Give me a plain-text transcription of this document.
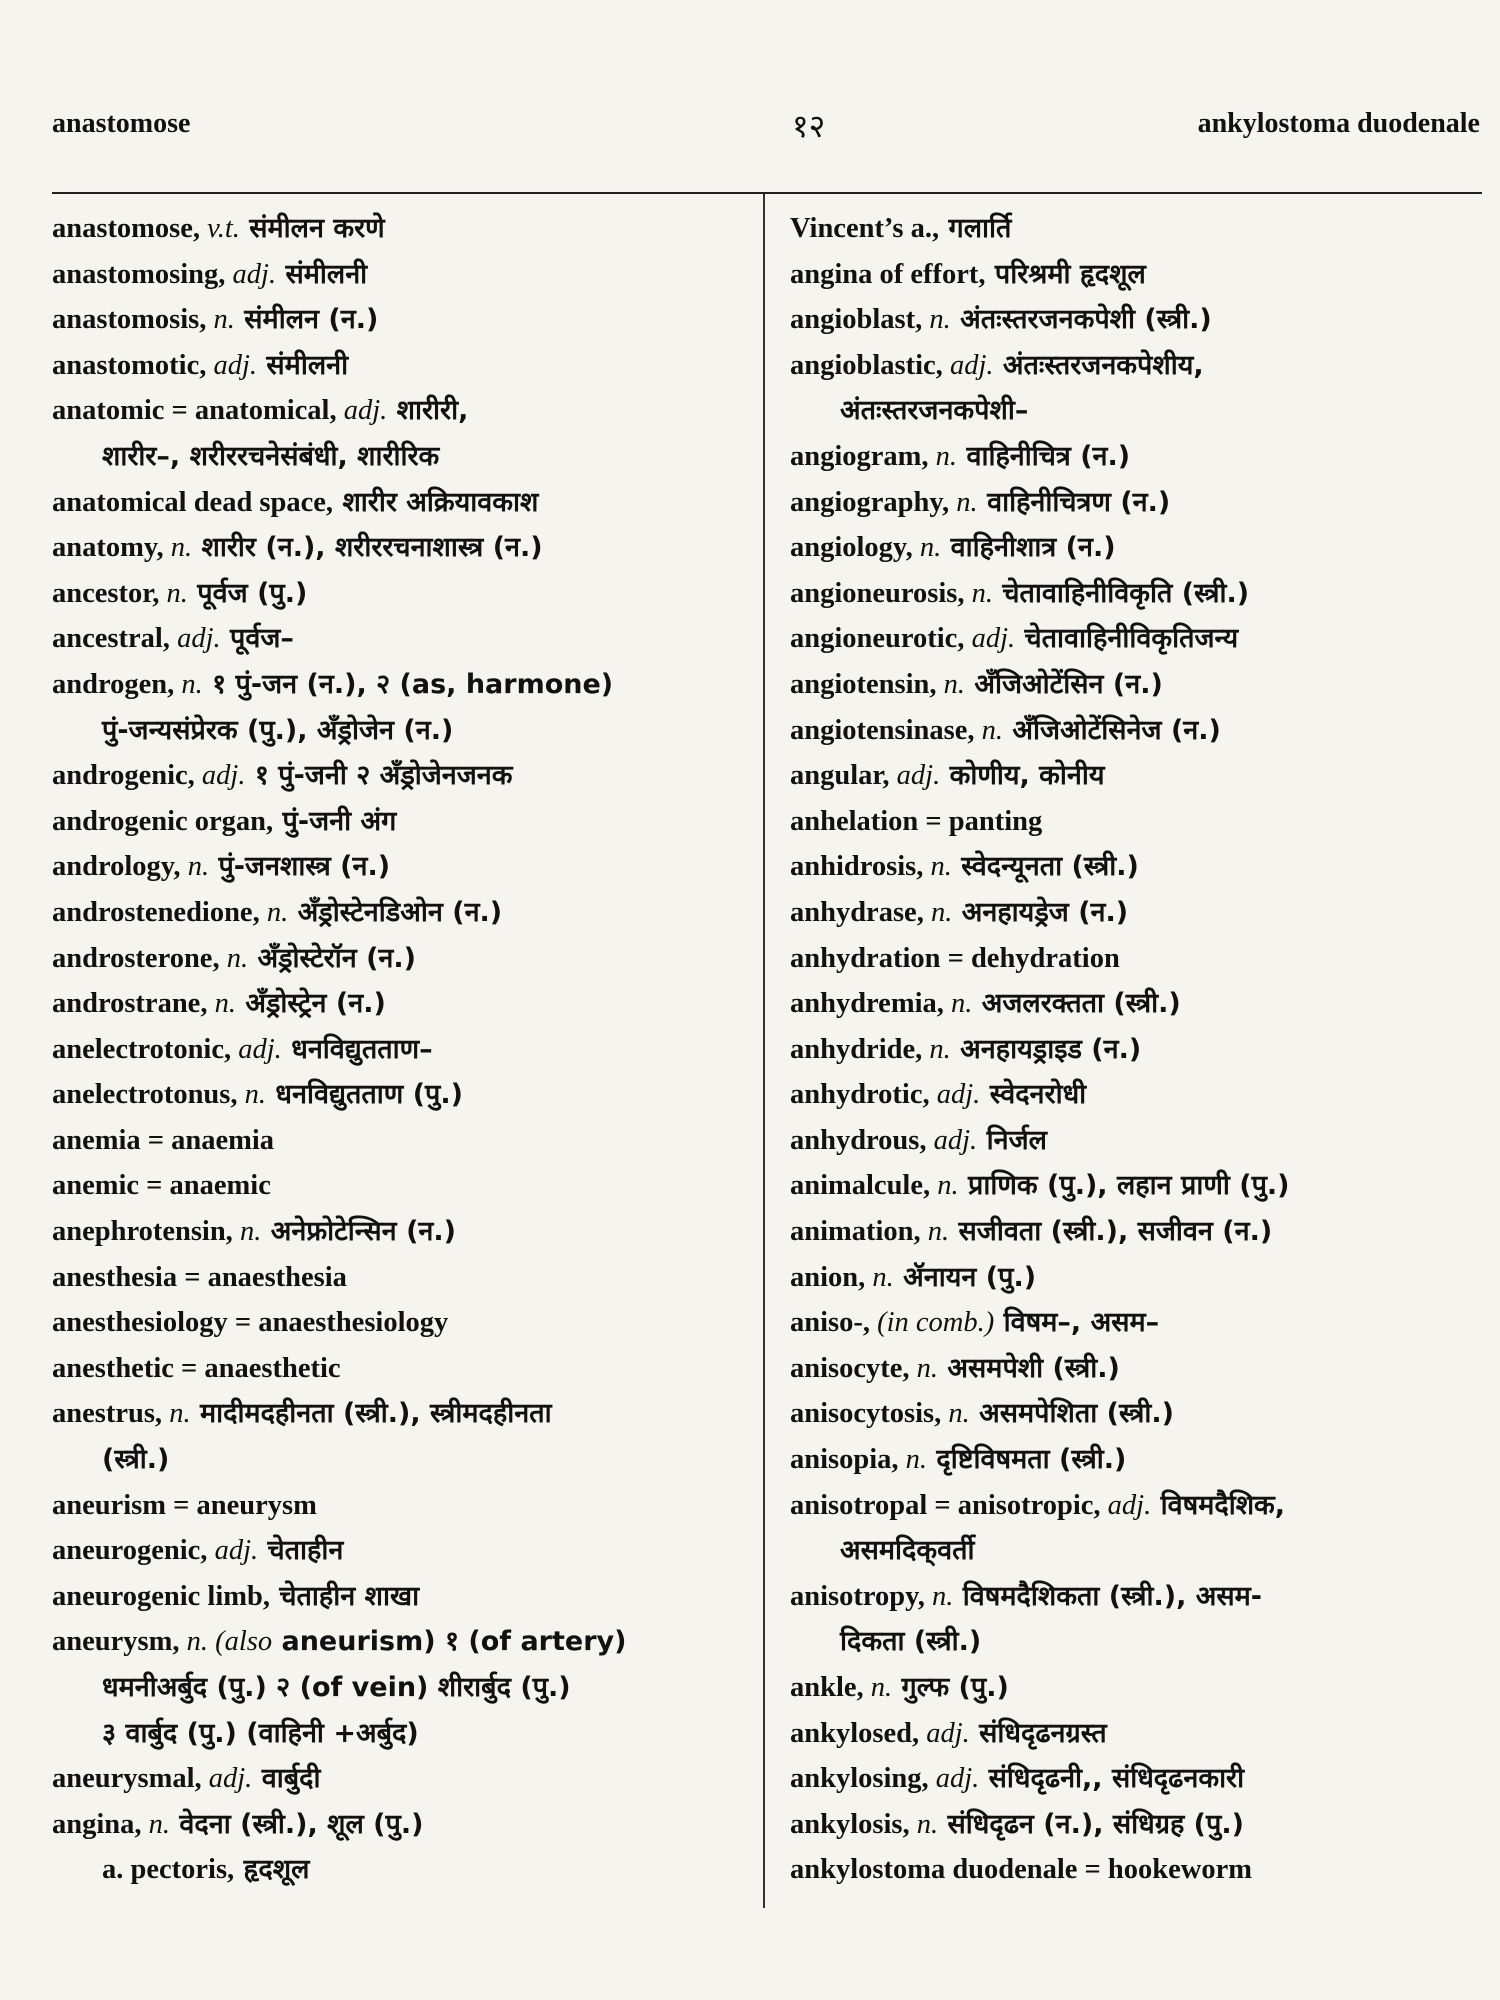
anastomose	१२	ankylostoma duodenale
anastomose, v.t. संमीलन करणे
anastomosing, adj. संमीलनी
anastomosis, n. संमीलन (न.)
anastomotic, adj. संमीलनी
anatomic = anatomical, adj. शारीरी,
शारीर–, शरीररचनेसंबंधी, शारीरिक
anatomical dead space, शारीर अक्रियावकाश
anatomy, n. शारीर (न.), शरीररचनाशास्त्र (न.)
ancestor, n. पूर्वज (पु.)
ancestral, adj. पूर्वज–
androgen, n. १ पुं-जन (न.), २ (as, harmone)
पुं-जन्यसंप्रेरक (पु.), अँड्रोजेन (न.)
androgenic, adj. १ पुं-जनी २ अँड्रोजेनजनक
androgenic organ, पुं-जनी अंग
andrology, n. पुं-जनशास्त्र (न.)
androstenedione, n. अँड्रोस्टेनडिओन (न.)
androsterone, n. अँड्रोस्टेरॉन (न.)
androstrane, n. अँड्रोस्ट्रेन (न.)
anelectrotonic, adj. धनविद्युतताण–
anelectrotonus, n. धनविद्युतताण (पु.)
anemia = anaemia
anemic = anaemic
anephrotensin, n. अनेफ्रोटेन्सिन (न.)
anesthesia = anaesthesia
anesthesiology = anaesthesiology
anesthetic = anaesthetic
anestrus, n. मादीमदहीनता (स्त्री.), स्त्रीमदहीनता
(स्त्री.)
aneurism = aneurysm
aneurogenic, adj. चेताहीन
aneurogenic limb, चेताहीन शाखा
aneurysm, n. (also aneurism) १ (of artery)
धमनीअर्बुद (पु.) २ (of vein) शीरार्बुद (पु.)
३ वार्बुद (पु.) (वाहिनी +अर्बुद)
aneurysmal, adj. वार्बुदी
angina, n. वेदना (स्त्री.), शूल (पु.)
a. pectoris, हृदशूल
Vincent’s a., गलार्ति
angina of effort, परिश्रमी हृदशूल
angioblast, n. अंतःस्तरजनकपेशी (स्त्री.)
angioblastic, adj. अंतःस्तरजनकपेशीय,
अंतःस्तरजनकपेशी–
angiogram, n. वाहिनीचित्र (न.)
angiography, n. वाहिनीचित्रण (न.)
angiology, n. वाहिनीशात्र (न.)
angioneurosis, n. चेतावाहिनीविकृति (स्त्री.)
angioneurotic, adj. चेतावाहिनीविकृतिजन्य
angiotensin, n. अँजिओटेंसिन (न.)
angiotensinase, n. अँजिओटेंसिनेज (न.)
angular, adj. कोणीय, कोनीय
anhelation = panting
anhidrosis, n. स्वेदन्यूनता (स्त्री.)
anhydrase, n. अनहायड्रेज (न.)
anhydration = dehydration
anhydremia, n. अजलरक्तता (स्त्री.)
anhydride, n. अनहायड्राइड (न.)
anhydrotic, adj. स्वेदनरोधी
anhydrous, adj. निर्जल
animalcule, n. प्राणिक (पु.), लहान प्राणी (पु.)
animation, n. सजीवता (स्त्री.), सजीवन (न.)
anion, n. ॲनायन (पु.)
aniso-, (in comb.) विषम–, असम–
anisocyte, n. असमपेशी (स्त्री.)
anisocytosis, n. असमपेशिता (स्त्री.)
anisopia, n. दृष्टिविषमता (स्त्री.)
anisotropal = anisotropic, adj. विषमदैशिक,
असमदिक्‌वर्ती
anisotropy, n. विषमदैशिकता (स्त्री.), असम-
दिकता (स्त्री.)
ankle, n. गुल्फ (पु.)
ankylosed, adj. संधिदृढनग्रस्त
ankylosing, adj. संधिदृढनी,, संधिदृढनकारी
ankylosis, n. संधिदृढन (न.), संधिग्रह (पु.)
ankylostoma duodenale = hookeworm
